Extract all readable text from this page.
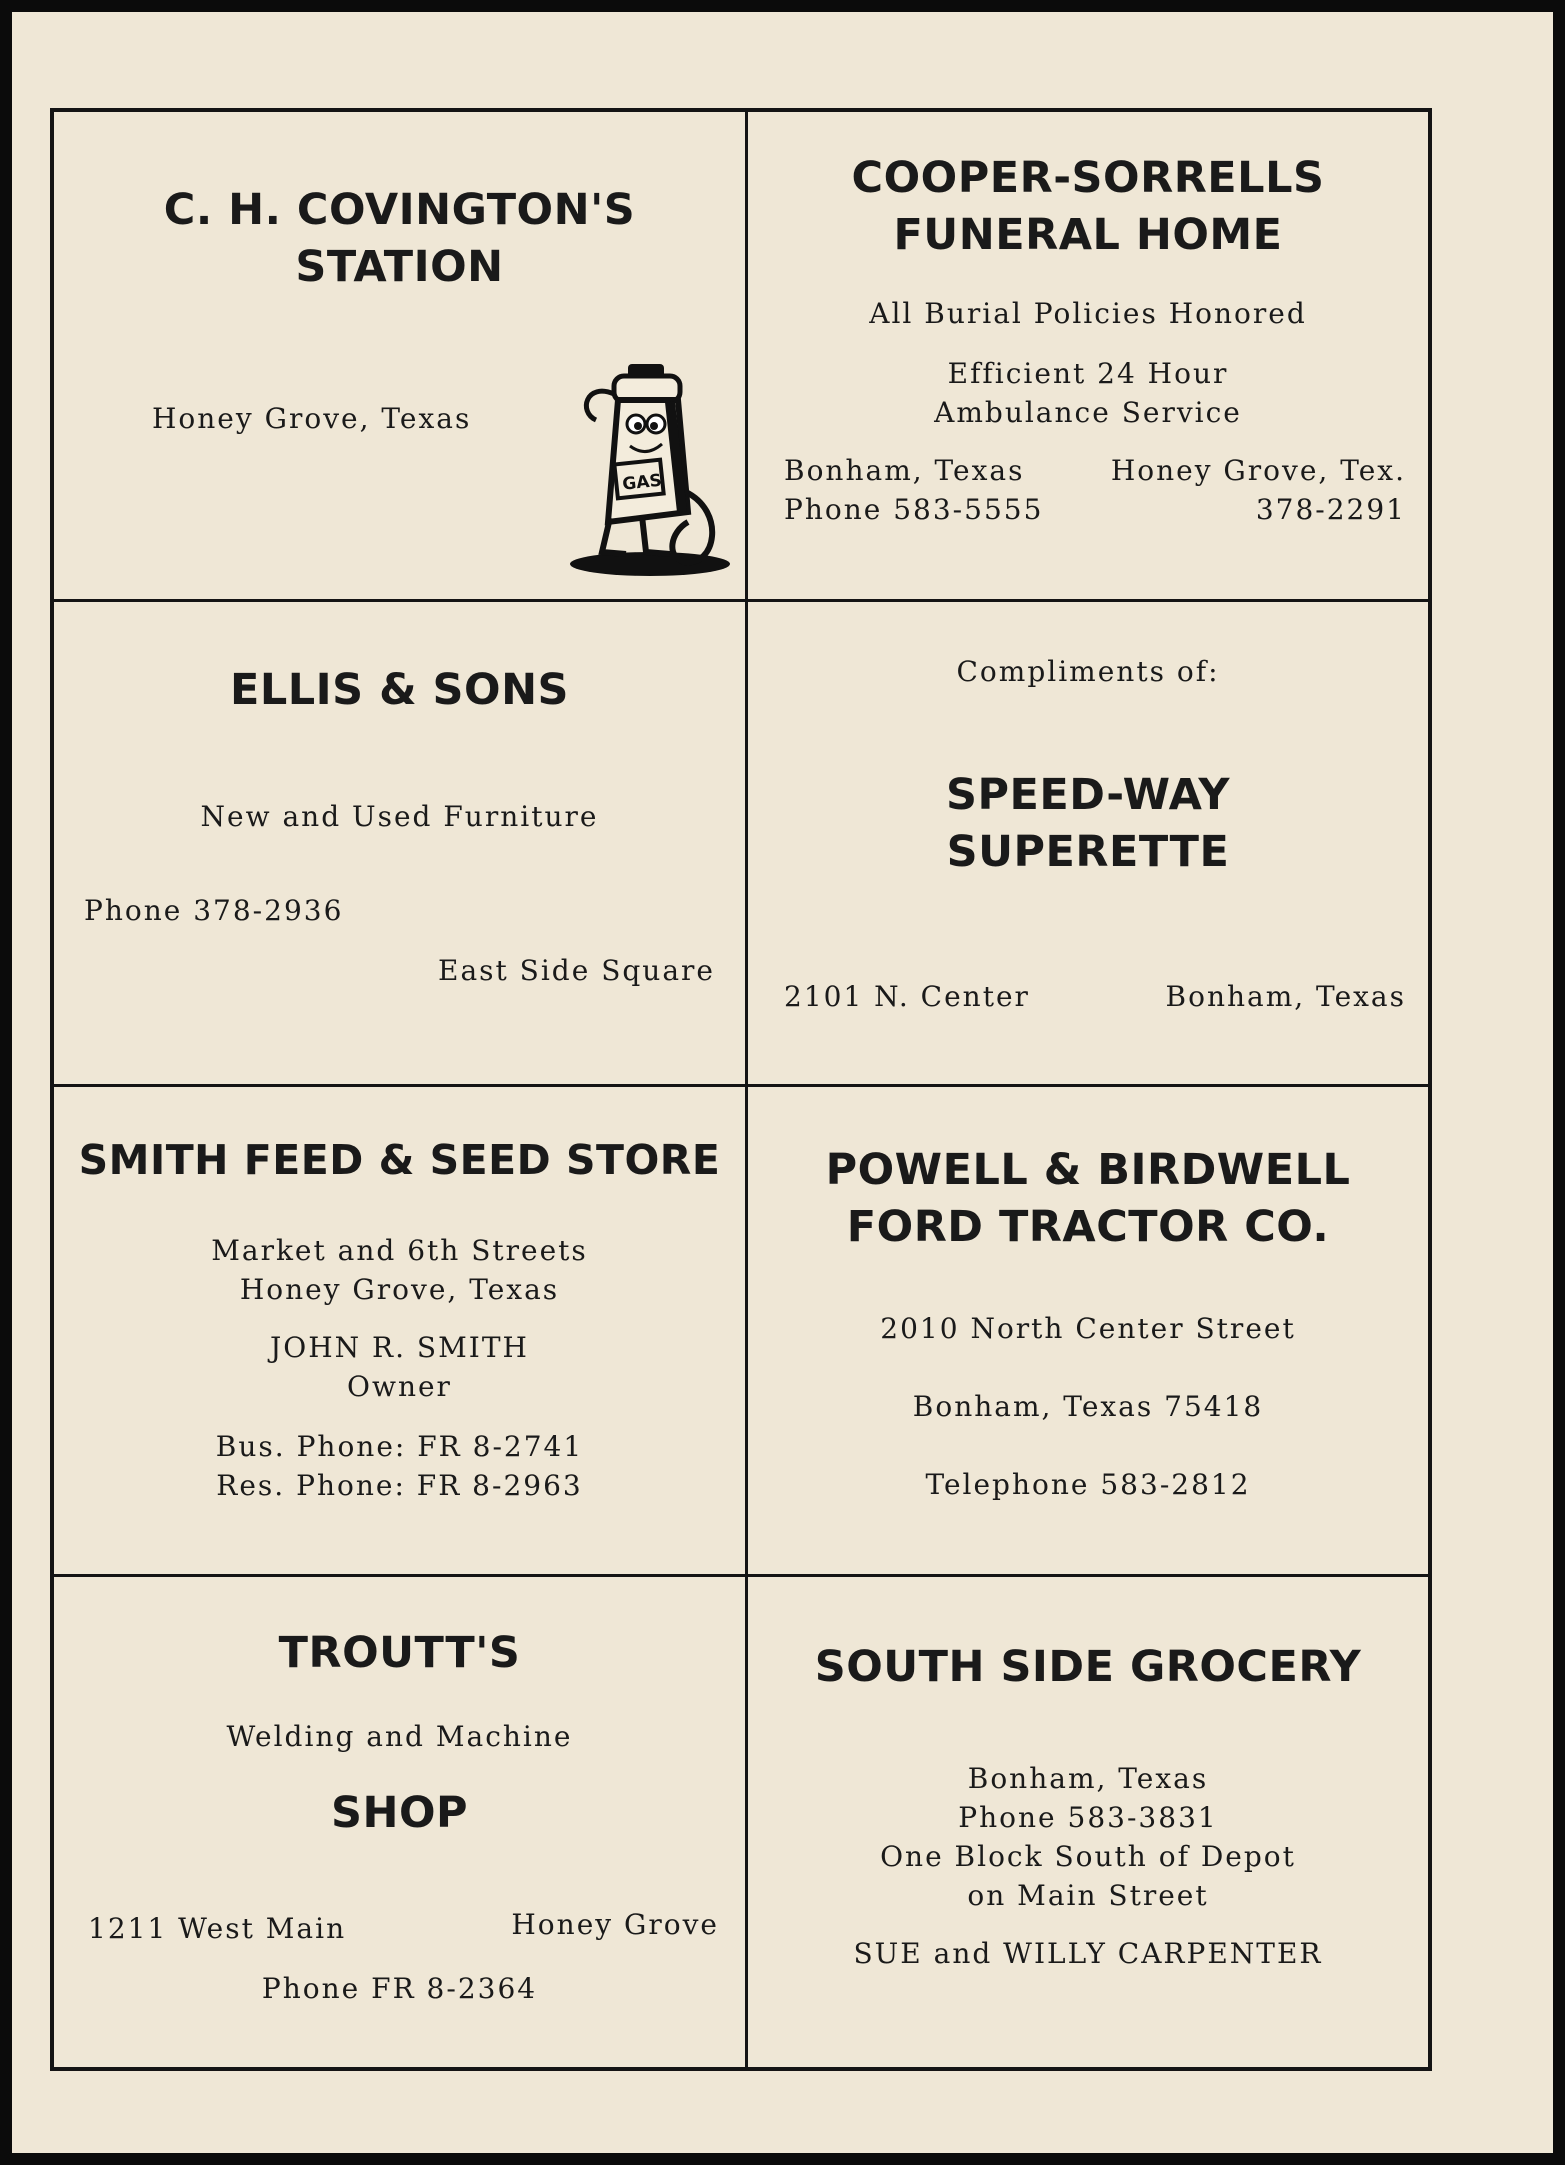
C. H. COVINGTON'S
STATION
Honey Grove, Texas
GAS
COOPER-SORRELLS
FUNERAL HOME
All Burial Policies Honored
Efficient 24 Hour
Ambulance Service
Bonham, Texas	Honey Grove, Tex.
Phone 583-5555	378-2291
ELLIS & SONS
New and Used Furniture
Phone 378-2936
East Side Square
Compliments of:
SPEED-WAY
SUPERETTE
2101 N. Center	Bonham, Texas
SMITH FEED & SEED STORE
Market and 6th Streets
Honey Grove, Texas
JOHN R. SMITH
Owner
Bus. Phone: FR 8-2741
Res. Phone: FR 8-2963
POWELL & BIRDWELL
FORD TRACTOR CO.
2010 North Center Street
Bonham, Texas 75418
Telephone 583-2812
TROUTT'S
Welding and Machine
SHOP
1211 West Main	Honey Grove
Phone FR 8-2364
SOUTH SIDE GROCERY
Bonham, Texas
Phone 583-3831
One Block South of Depot
on Main Street
SUE and WILLY CARPENTER
